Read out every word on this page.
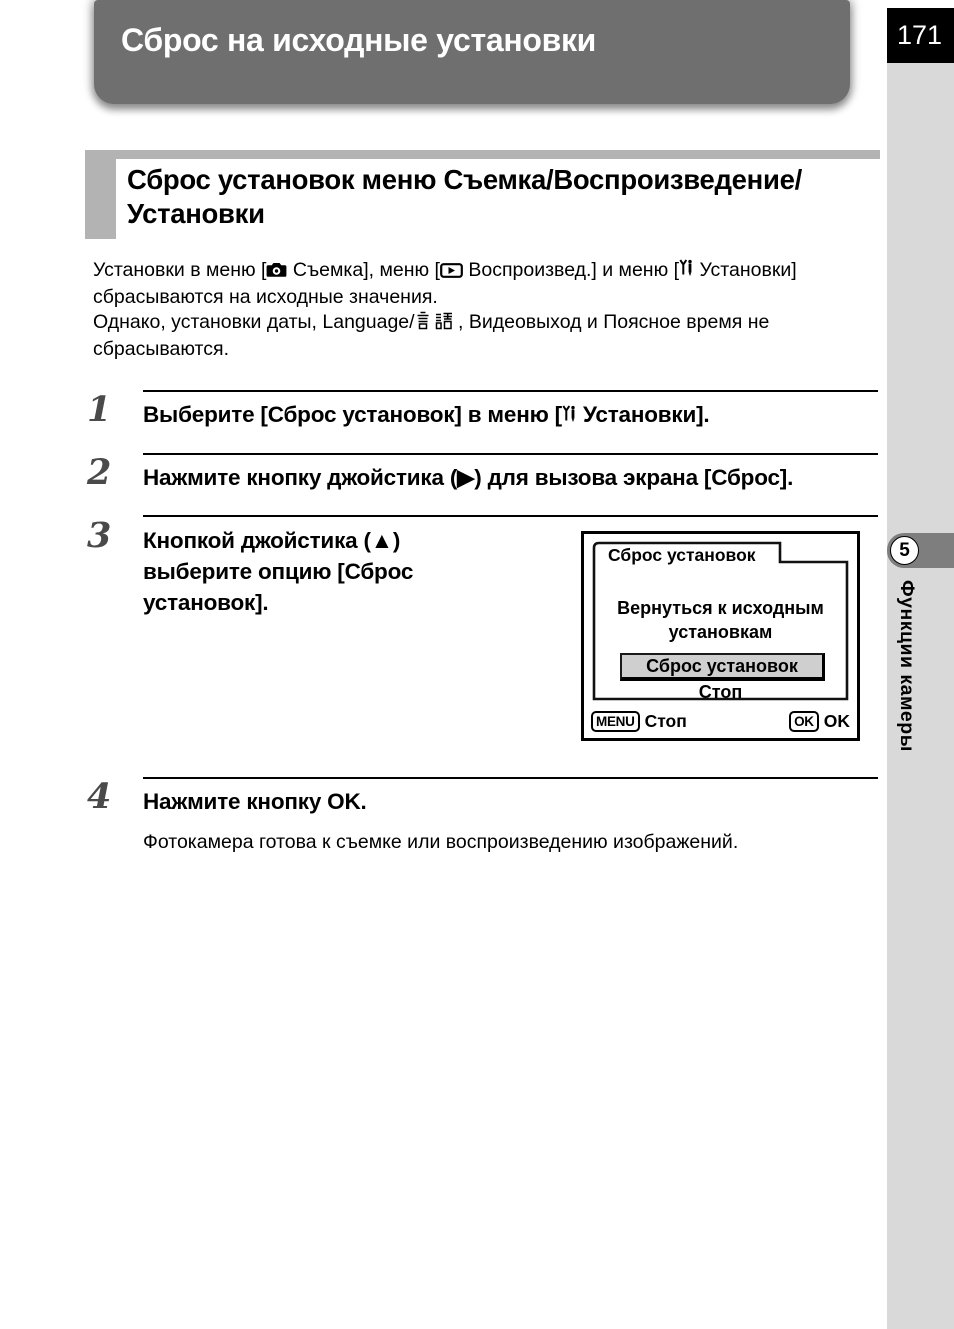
Сброс на исходные установки	171
5
Функции камеры
Сброс установок меню Съемка/Воспроизведение/
Установки

Установки в меню [ Съемка], меню [ Воспроизвед.] и меню [ Установки] сбрасываются на исходные значения.

Однако, установки даты, Language/ , Видеовыход и Поясное время не сбрасываются.

1 Выберите [Сброс установок] в меню [ Установки].
2 Нажмите кнопку джойстика (▶) для вызова экрана [Сброс].
3 Кнопкой джойстика (▲) выберите опцию [Сброс установок].
Сброс установок
Вернуться к исходным
установкам
Сброс установок
Стоп
MENU Стоп	OK OK
4 Нажмите кнопку OK.
Фотокамера готова к съемке или воспроизведению изображений.
